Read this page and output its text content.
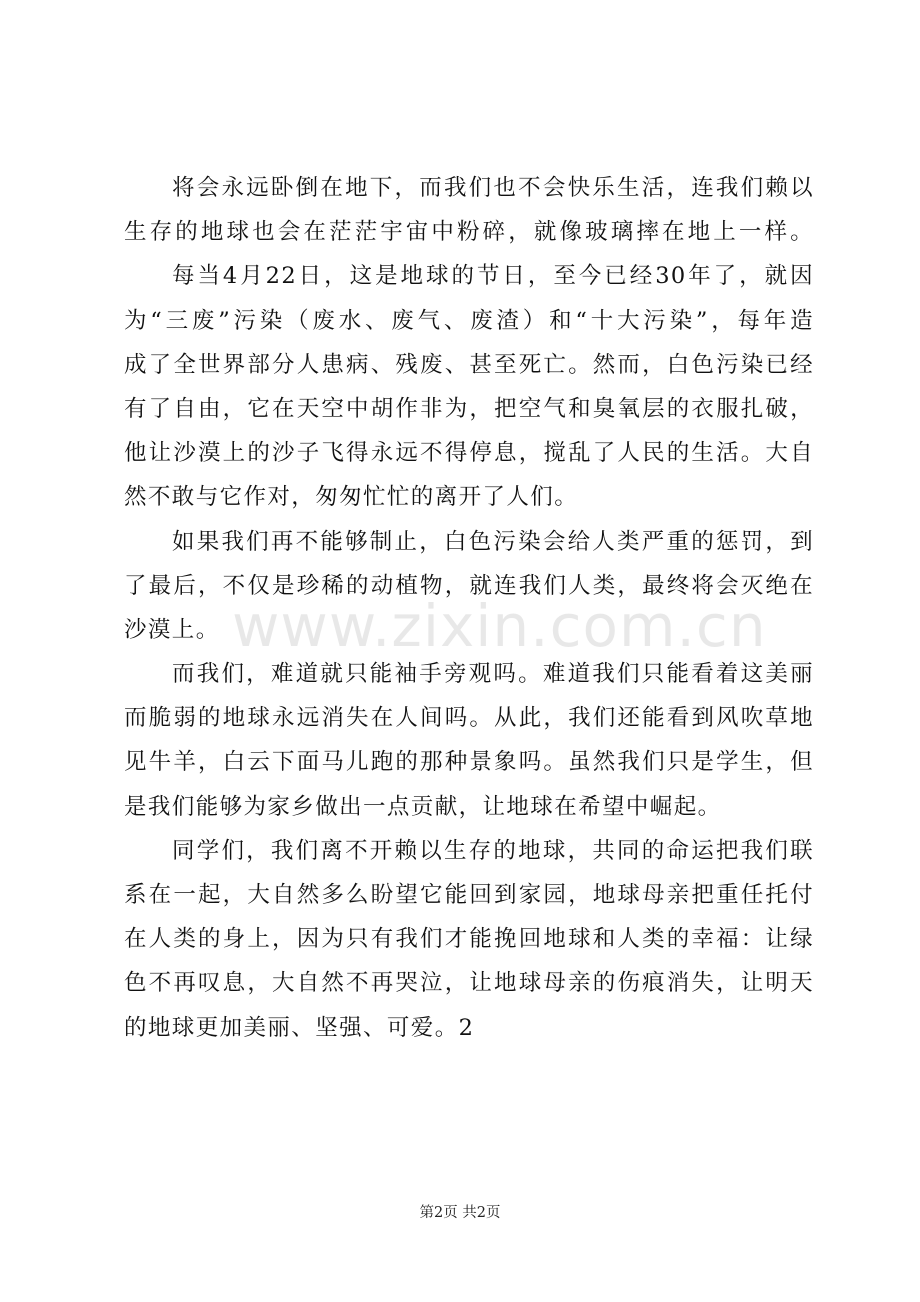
将会永远卧倒在地下，而我们也不会快乐生活，连我们赖以
生存的地球也会在茫茫宇宙中粉碎，就像玻璃摔在地上一样。
每当4月22日，这是地球的节日，至今已经30年了，就因
为“三废”污染（废水、废气、废渣）和“十大污染”，每年造
成了全世界部分人患病、残废、甚至死亡。然而，白色污染已经
有了自由，它在天空中胡作非为，把空气和臭氧层的衣服扎破，
他让沙漠上的沙子飞得永远不得停息，搅乱了人民的生活。大自
然不敢与它作对，匆匆忙忙的离开了人们。
如果我们再不能够制止，白色污染会给人类严重的惩罚，到
了最后，不仅是珍稀的动植物，就连我们人类，最终将会灭绝在
沙漠上。
而我们，难道就只能袖手旁观吗。难道我们只能看着这美丽
而脆弱的地球永远消失在人间吗。从此，我们还能看到风吹草地
见牛羊，白云下面马儿跑的那种景象吗。虽然我们只是学生，但
是我们能够为家乡做出一点贡献，让地球在希望中崛起。
同学们，我们离不开赖以生存的地球，共同的命运把我们联
系在一起，大自然多么盼望它能回到家园，地球母亲把重任托付
在人类的身上，因为只有我们才能挽回地球和人类的幸福：让绿
色不再叹息，大自然不再哭泣，让地球母亲的伤痕消失，让明天
的地球更加美丽、坚强、可爱。2
www.zixin.com.cn
第2页 共2页
